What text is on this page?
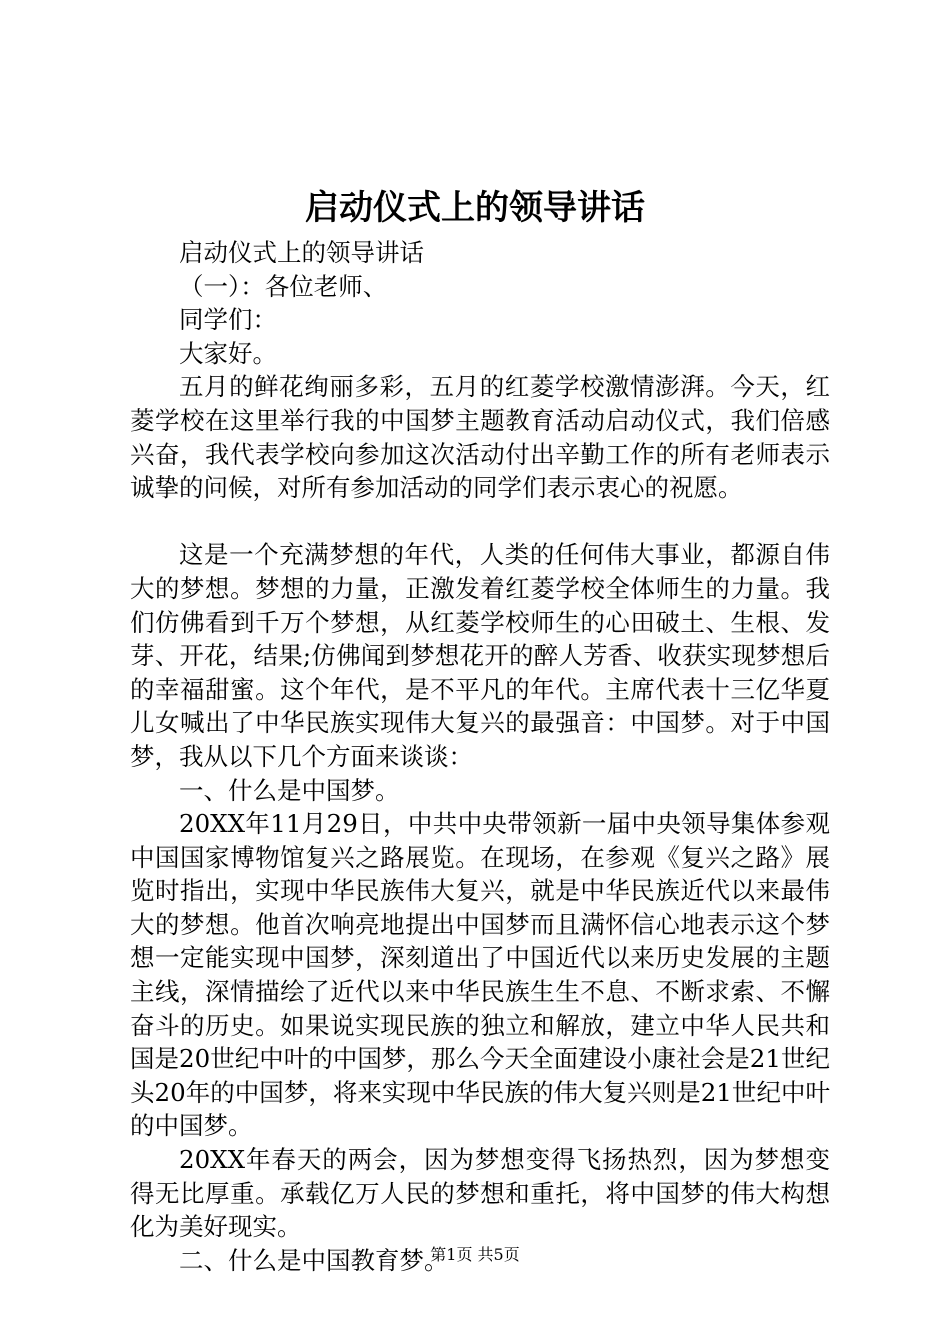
启动仪式上的领导讲话

启动仪式上的领导讲话

（一）：各位老师、

同学们：

大家好。

五月的鲜花绚丽多彩，五月的红菱学校激情澎湃。今天，红菱学校在这里举行我的中国梦主题教育活动启动仪式，我们倍感兴奋，我代表学校向参加这次活动付出辛勤工作的所有老师表示诚挚的问候，对所有参加活动的同学们表示衷心的祝愿。

这是一个充满梦想的年代，人类的任何伟大事业，都源自伟大的梦想。梦想的力量，正激发着红菱学校全体师生的力量。我们仿佛看到千万个梦想，从红菱学校师生的心田破土、生根、发芽、开花，结果;仿佛闻到梦想花开的醉人芳香、收获实现梦想后的幸福甜蜜。这个年代，是不平凡的年代。主席代表十三亿华夏儿女喊出了中华民族实现伟大复兴的最强音：中国梦。对于中国梦，我从以下几个方面来谈谈：

一、什么是中国梦。

20XX年11月29日，中共中央带领新一届中央领导集体参观中国国家博物馆复兴之路展览。在现场，在参观《复兴之路》展览时指出，实现中华民族伟大复兴，就是中华民族近代以来最伟大的梦想。他首次响亮地提出中国梦而且满怀信心地表示这个梦想一定能实现中国梦，深刻道出了中国近代以来历史发展的主题主线，深情描绘了近代以来中华民族生生不息、不断求索、不懈奋斗的历史。如果说实现民族的独立和解放，建立中华人民共和国是20世纪中叶的中国梦，那么今天全面建设小康社会是21世纪头20年的中国梦，将来实现中华民族的伟大复兴则是21世纪中叶的中国梦。

20XX年春天的两会，因为梦想变得飞扬热烈，因为梦想变得无比厚重。承载亿万人民的梦想和重托，将中国梦的伟大构想化为美好现实。

二、什么是中国教育梦。

第1页 共5页
